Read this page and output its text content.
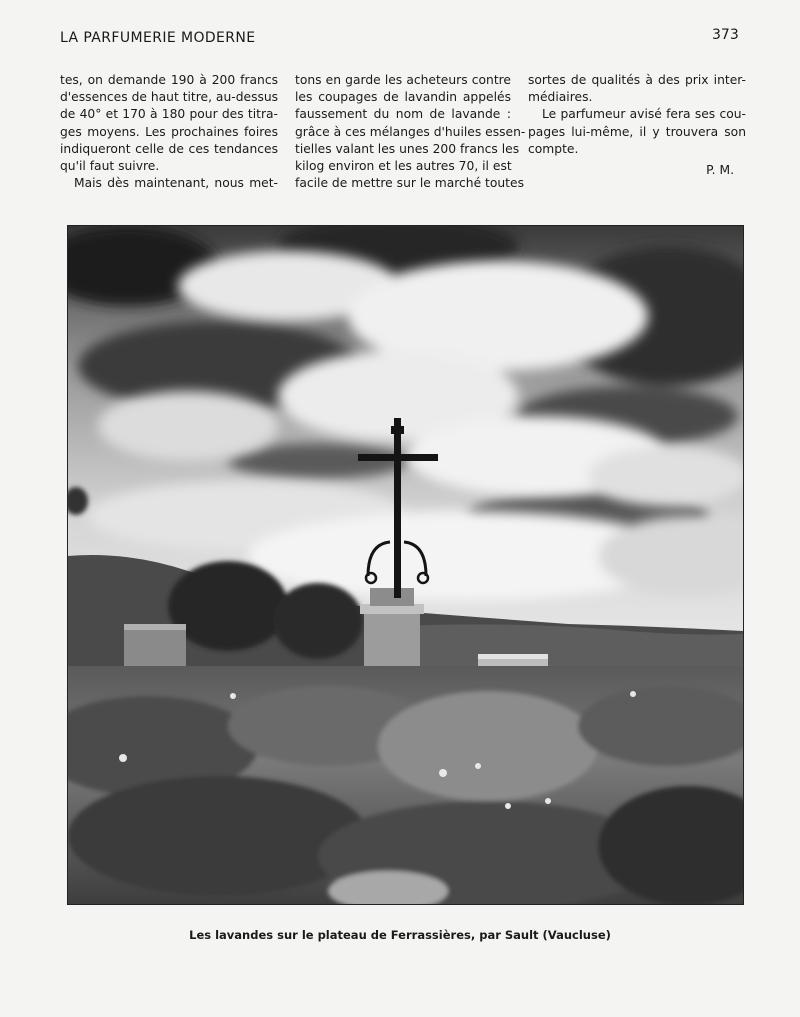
LA PARFUMERIE MODERNE	373
tes, on demande 190 à 200 francs
d'essences de haut titre, au-dessus
de 40° et 170 à 180 pour des titra-
ges moyens. Les prochaines foires
indiqueront celle de ces tendances
qu'il faut suivre.
Mais dès maintenant, nous met-
tons en garde les acheteurs contre
les coupages de lavandin appelés
faussement du nom de lavande :
grâce à ces mélanges d'huiles essen-
tielles valant les unes 200 francs les
kilog environ et les autres 70, il est
facile de mettre sur le marché toutes
sortes de qualités à des prix inter-
médiaires.
Le parfumeur avisé fera ses cou-
pages lui-même, il y trouvera son
compte.
P. M.
Les lavandes sur le plateau de Ferrassières, par Sault (Vaucluse)
